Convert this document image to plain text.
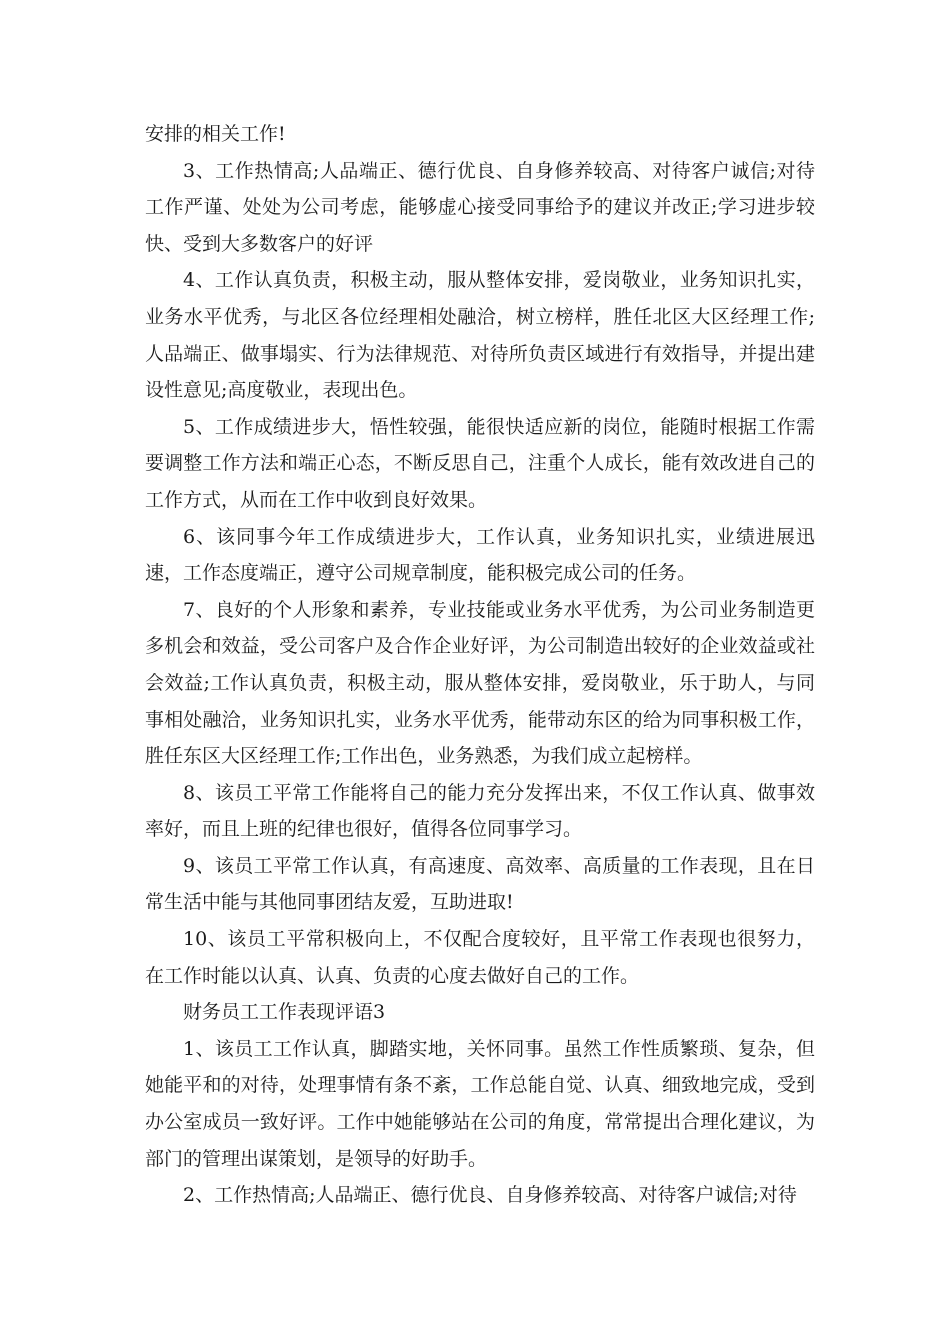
安排的相关工作!

3、工作热情高;人品端正、德行优良、自身修养较高、对待客户诚信;对待工作严谨、处处为公司考虑，能够虚心接受同事给予的建议并改正;学习进步较快、受到大多数客户的好评

4、工作认真负责，积极主动，服从整体安排，爱岗敬业，业务知识扎实，业务水平优秀，与北区各位经理相处融洽，树立榜样，胜任北区大区经理工作;人品端正、做事塌实、行为法律规范、对待所负责区域进行有效指导，并提出建设性意见;高度敬业，表现出色。

5、工作成绩进步大，悟性较强，能很快适应新的岗位，能随时根据工作需要调整工作方法和端正心态，不断反思自己，注重个人成长，能有效改进自己的工作方式，从而在工作中收到良好效果。

6、该同事今年工作成绩进步大，工作认真，业务知识扎实，业绩进展迅速，工作态度端正，遵守公司规章制度，能积极完成公司的任务。

7、良好的个人形象和素养，专业技能或业务水平优秀，为公司业务制造更多机会和效益，受公司客户及合作企业好评，为公司制造出较好的企业效益或社会效益;工作认真负责，积极主动，服从整体安排，爱岗敬业，乐于助人，与同事相处融洽，业务知识扎实，业务水平优秀，能带动东区的给为同事积极工作，胜任东区大区经理工作;工作出色，业务熟悉，为我们成立起榜样。

8、该员工平常工作能将自己的能力充分发挥出来，不仅工作认真、做事效率好，而且上班的纪律也很好，值得各位同事学习。

9、该员工平常工作认真，有高速度、高效率、高质量的工作表现，且在日常生活中能与其他同事团结友爱，互助进取!

10、该员工平常积极向上，不仅配合度较好，且平常工作表现也很努力，在工作时能以认真、认真、负责的心度去做好自己的工作。

财务员工工作表现评语3

1、该员工工作认真，脚踏实地，关怀同事。虽然工作性质繁琐、复杂，但她能平和的对待，处理事情有条不紊，工作总能自觉、认真、细致地完成，受到办公室成员一致好评。工作中她能够站在公司的角度，常常提出合理化建议，为部门的管理出谋策划，是领导的好助手。

2、工作热情高;人品端正、德行优良、自身修养较高、对待客户诚信;对待
